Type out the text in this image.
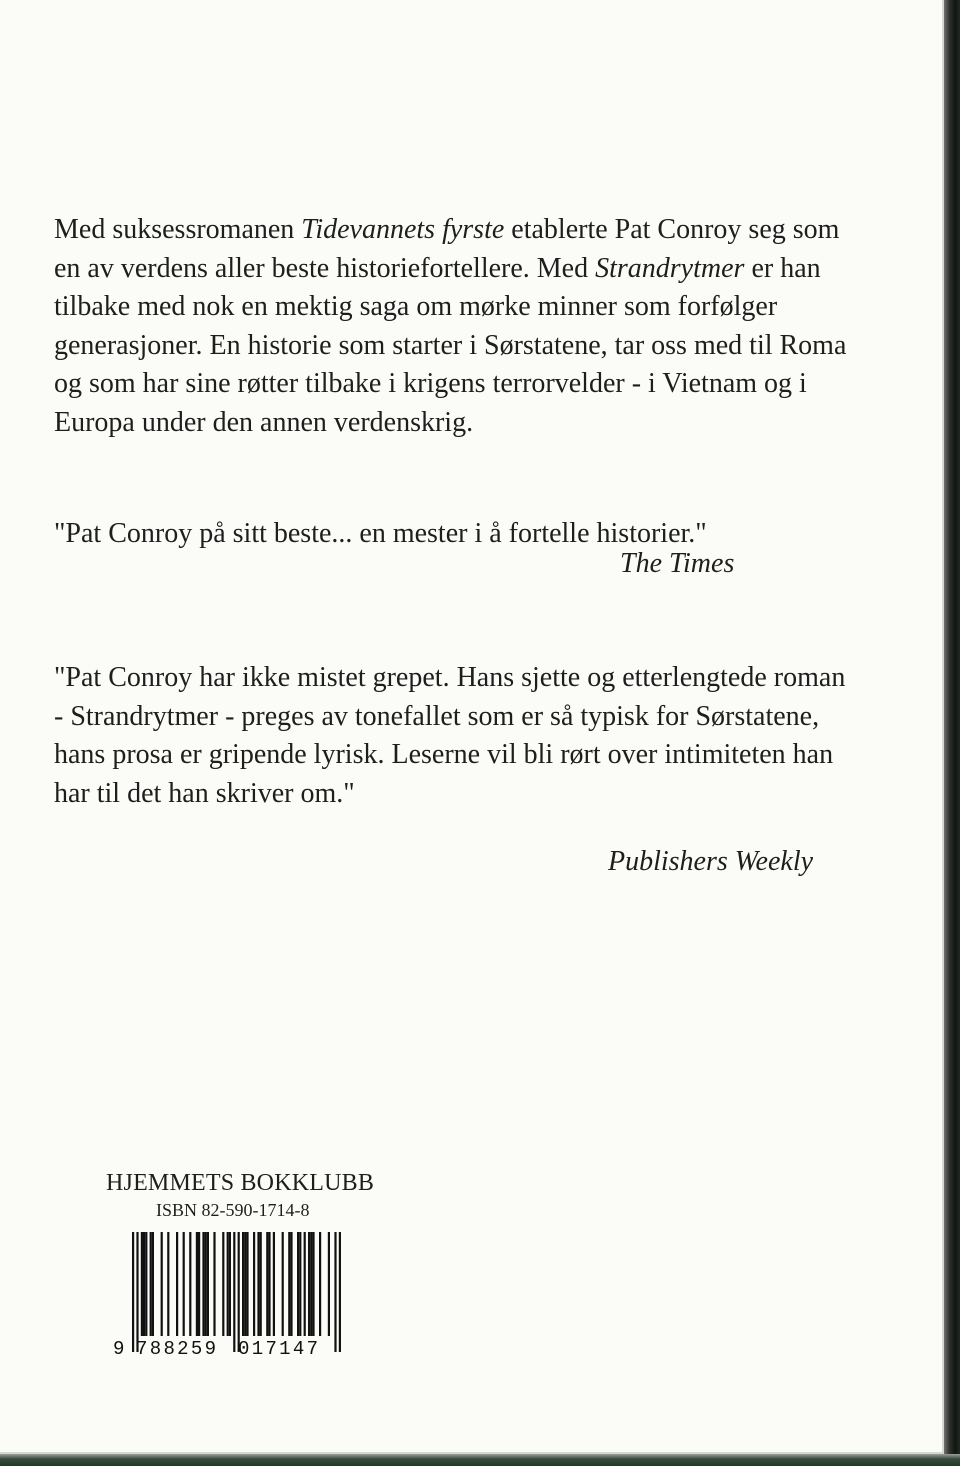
Med suksessromanen Tidevannets fyrste etablerte Pat Conroy seg som en av verdens aller beste historiefortellere. Med Strandrytmer er han tilbake med nok en mektig saga om mørke minner som forfølger generasjoner. En historie som starter i Sørstatene, tar oss med til Roma og som har sine røtter tilbake i krigens terrorvelder - i Vietnam og i Europa under den annen verdenskrig.

"Pat Conroy på sitt beste... en mester i å fortelle historier."

The Times

"Pat Conroy har ikke mistet grepet. Hans sjette og etterlengtede roman - Strandrytmer - preges av tonefallet som er så typisk for Sørstatene, hans prosa er gripende lyrisk. Leserne vil bli rørt over intimiteten han har til det han skriver om."

Publishers Weekly

HJEMMETS BOKKLUBB
ISBN 82-590-1714-8
9 788259 017147
